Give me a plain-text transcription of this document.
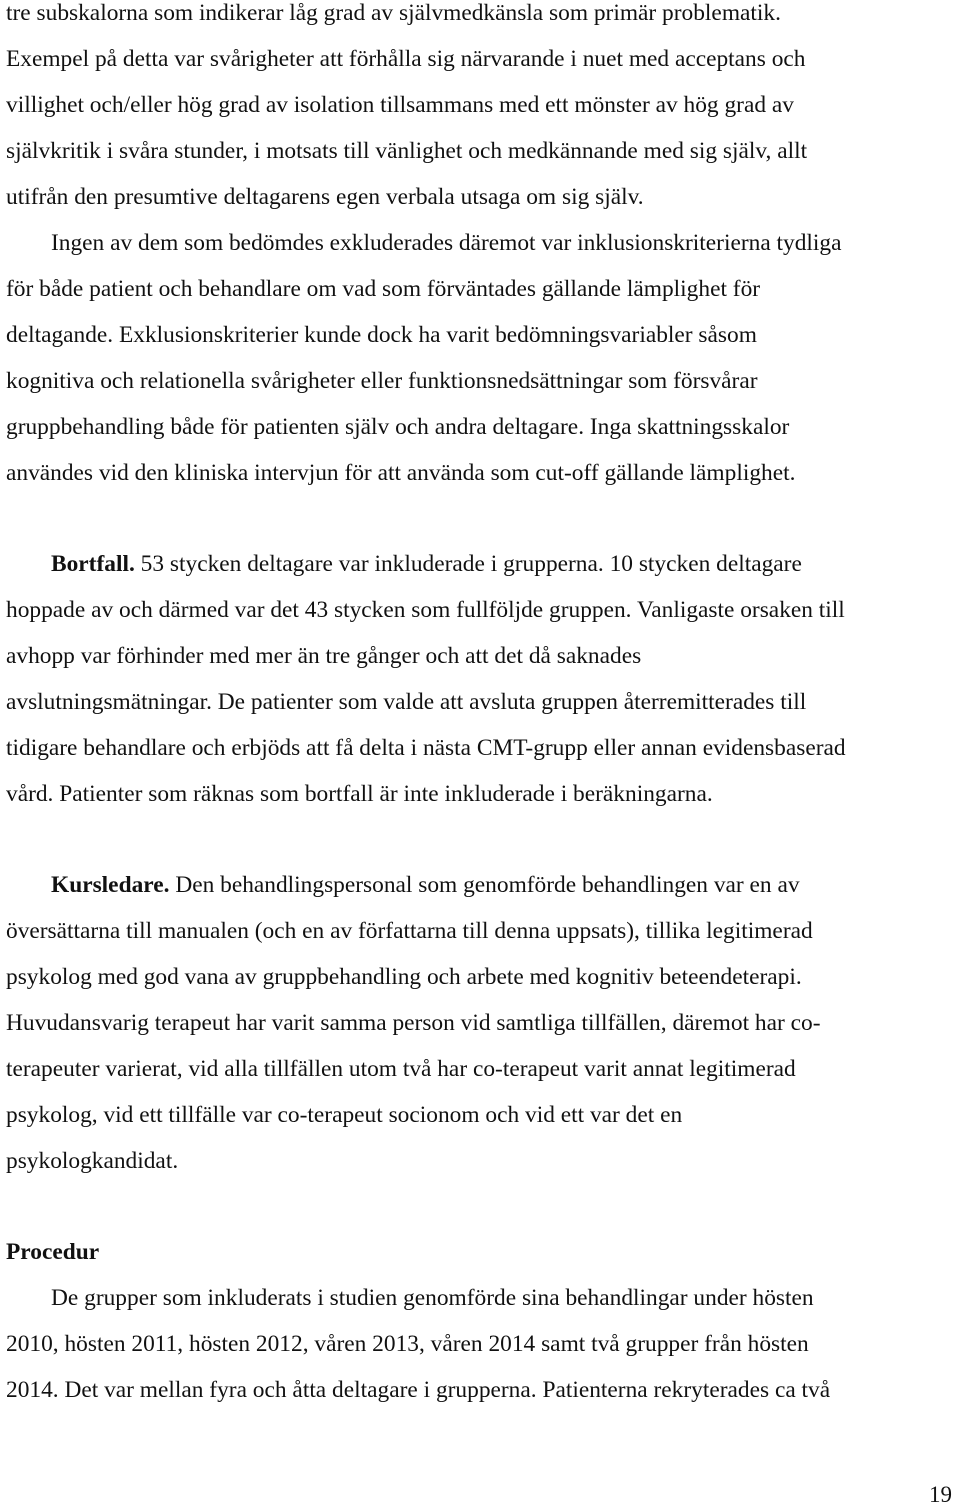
tre subskalorna som indikerar låg grad av självmedkänsla som primär problematik.
Exempel på detta var svårigheter att förhålla sig närvarande i nuet med acceptans och
villighet och/eller hög grad av isolation tillsammans med ett mönster av hög grad av
självkritik i svåra stunder, i motsats till vänlighet och medkännande med sig själv, allt
utifrån den presumtive deltagarens egen verbala utsaga om sig själv.
Ingen av dem som bedömdes exkluderades däremot var inklusionskriterierna tydliga
för både patient och behandlare om vad som förväntades gällande lämplighet för
deltagande. Exklusionskriterier kunde dock ha varit bedömningsvariabler såsom
kognitiva och relationella svårigheter eller funktionsnedsättningar som försvårar
gruppbehandling både för patienten själv och andra deltagare. Inga skattningsskalor
användes vid den kliniska intervjun för att använda som cut-off gällande lämplighet.
Bortfall. 53 stycken deltagare var inkluderade i grupperna. 10 stycken deltagare
hoppade av och därmed var det 43 stycken som fullföljde gruppen. Vanligaste orsaken till
avhopp var förhinder med mer än tre gånger och att det då saknades
avslutningsmätningar. De patienter som valde att avsluta gruppen återremitterades till
tidigare behandlare och erbjöds att få delta i nästa CMT-grupp eller annan evidensbaserad
vård. Patienter som räknas som bortfall är inte inkluderade i beräkningarna.
Kursledare. Den behandlingspersonal som genomförde behandlingen var en av
översättarna till manualen (och en av författarna till denna uppsats), tillika legitimerad
psykolog med god vana av gruppbehandling och arbete med kognitiv beteendeterapi.
Huvudansvarig terapeut har varit samma person vid samtliga tillfällen, däremot har co-
terapeuter varierat, vid alla tillfällen utom två har co-terapeut varit annat legitimerad
psykolog, vid ett tillfälle var co-terapeut socionom och vid ett var det en
psykologkandidat.
Procedur
De grupper som inkluderats i studien genomförde sina behandlingar under hösten
2010, hösten 2011, hösten 2012, våren 2013, våren 2014 samt två grupper från hösten
2014. Det var mellan fyra och åtta deltagare i grupperna. Patienterna rekryterades ca två
19
